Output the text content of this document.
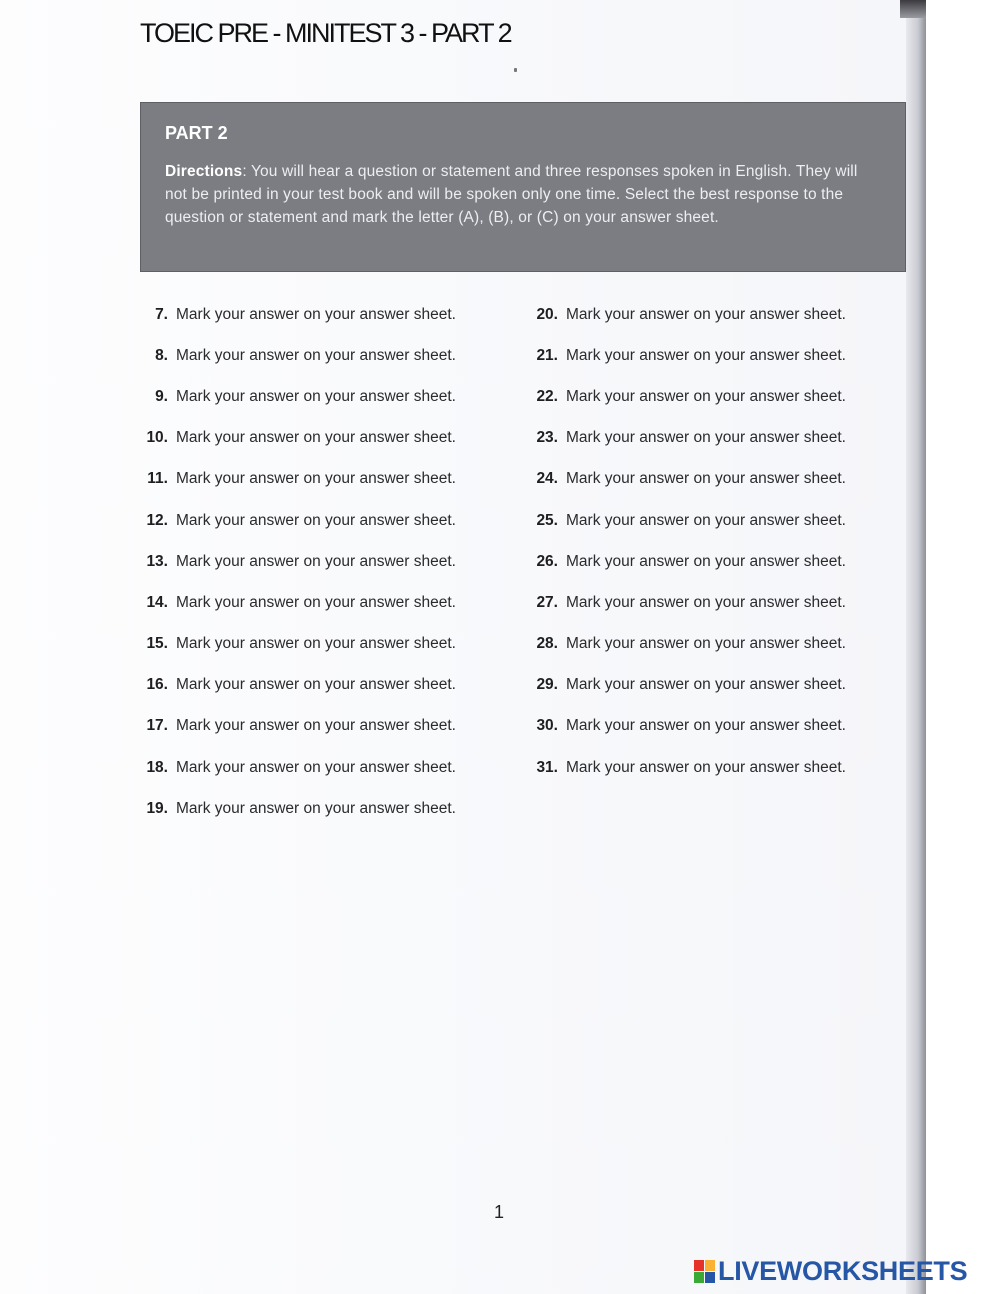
TOEIC PRE - MINITEST 3 - PART 2
PART 2

Directions: You will hear a question or statement and three responses spoken in English. They will not be printed in your test book and will be spoken only one time. Select the best response to the question or statement and mark the letter (A), (B), or (C) on your answer sheet.

7. Mark your answer on your answer sheet.
8. Mark your answer on your answer sheet.
9. Mark your answer on your answer sheet.
10. Mark your answer on your answer sheet.
11. Mark your answer on your answer sheet.
12. Mark your answer on your answer sheet.
13. Mark your answer on your answer sheet.
14. Mark your answer on your answer sheet.
15. Mark your answer on your answer sheet.
16. Mark your answer on your answer sheet.
17. Mark your answer on your answer sheet.
18. Mark your answer on your answer sheet.
19. Mark your answer on your answer sheet.
20. Mark your answer on your answer sheet.
21. Mark your answer on your answer sheet.
22. Mark your answer on your answer sheet.
23. Mark your answer on your answer sheet.
24. Mark your answer on your answer sheet.
25. Mark your answer on your answer sheet.
26. Mark your answer on your answer sheet.
27. Mark your answer on your answer sheet.
28. Mark your answer on your answer sheet.
29. Mark your answer on your answer sheet.
30. Mark your answer on your answer sheet.
31. Mark your answer on your answer sheet.
1
LIVEWORKSHEETS
